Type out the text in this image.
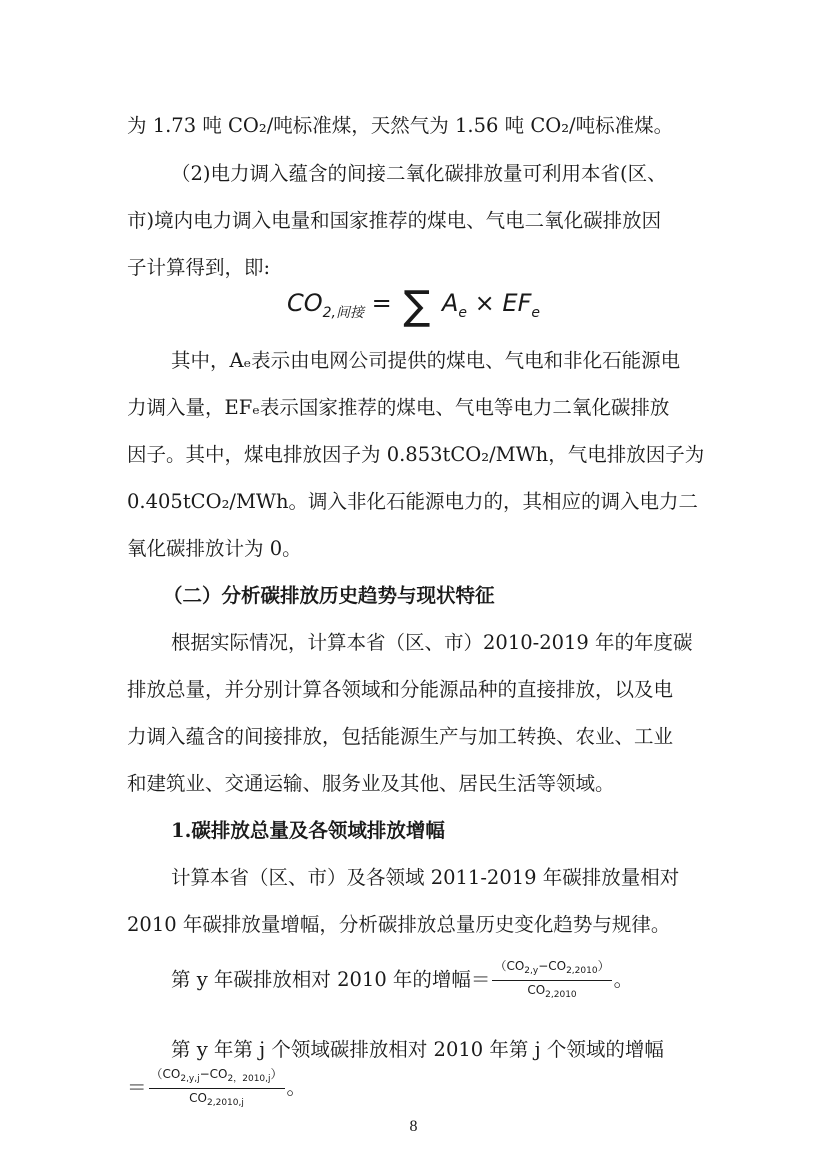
为 1.73 吨 CO₂/吨标准煤，天然气为 1.56 吨 CO₂/吨标准煤。
（2)电力调入蕴含的间接二氧化碳排放量可利用本省(区、
市)境内电力调入电量和国家推荐的煤电、气电二氧化碳排放因
子计算得到，即:
$CO_{2,间接}$ = ∑ $A_e \times EF_e$
其中，Aₑ表示由电网公司提供的煤电、气电和非化石能源电
力调入量，EFₑ表示国家推荐的煤电、气电等电力二氧化碳排放
因子。其中，煤电排放因子为 0.853tCO₂/MWh，气电排放因子为
0.405tCO₂/MWh。调入非化石能源电力的，其相应的调入电力二
氧化碳排放计为 0。
（二）分析碳排放历史趋势与现状特征
根据实际情况，计算本省（区、市）2010-2019 年的年度碳
排放总量，并分别计算各领域和分能源品种的直接排放，以及电
力调入蕴含的间接排放，包括能源生产与加工转换、农业、工业
和建筑业、交通运输、服务业及其他、居民生活等领域。
1.碳排放总量及各领域排放增幅
计算本省（区、市）及各领域 2011-2019 年碳排放量相对
2010 年碳排放量增幅，分析碳排放总量历史变化趋势与规律。
第 y 年碳排放相对 2010 年的增幅＝ $\frac{(CO_{2,y}-CO_{2,2010})}{CO_{2,2010}}$ 。
第 y 年第 j 个领域碳排放相对 2010 年第 j 个领域的增幅
＝ $\frac{(CO_{2,y,j}-CO_{2,2010,j})}{CO_{2,2010,j}}$ 。
8
